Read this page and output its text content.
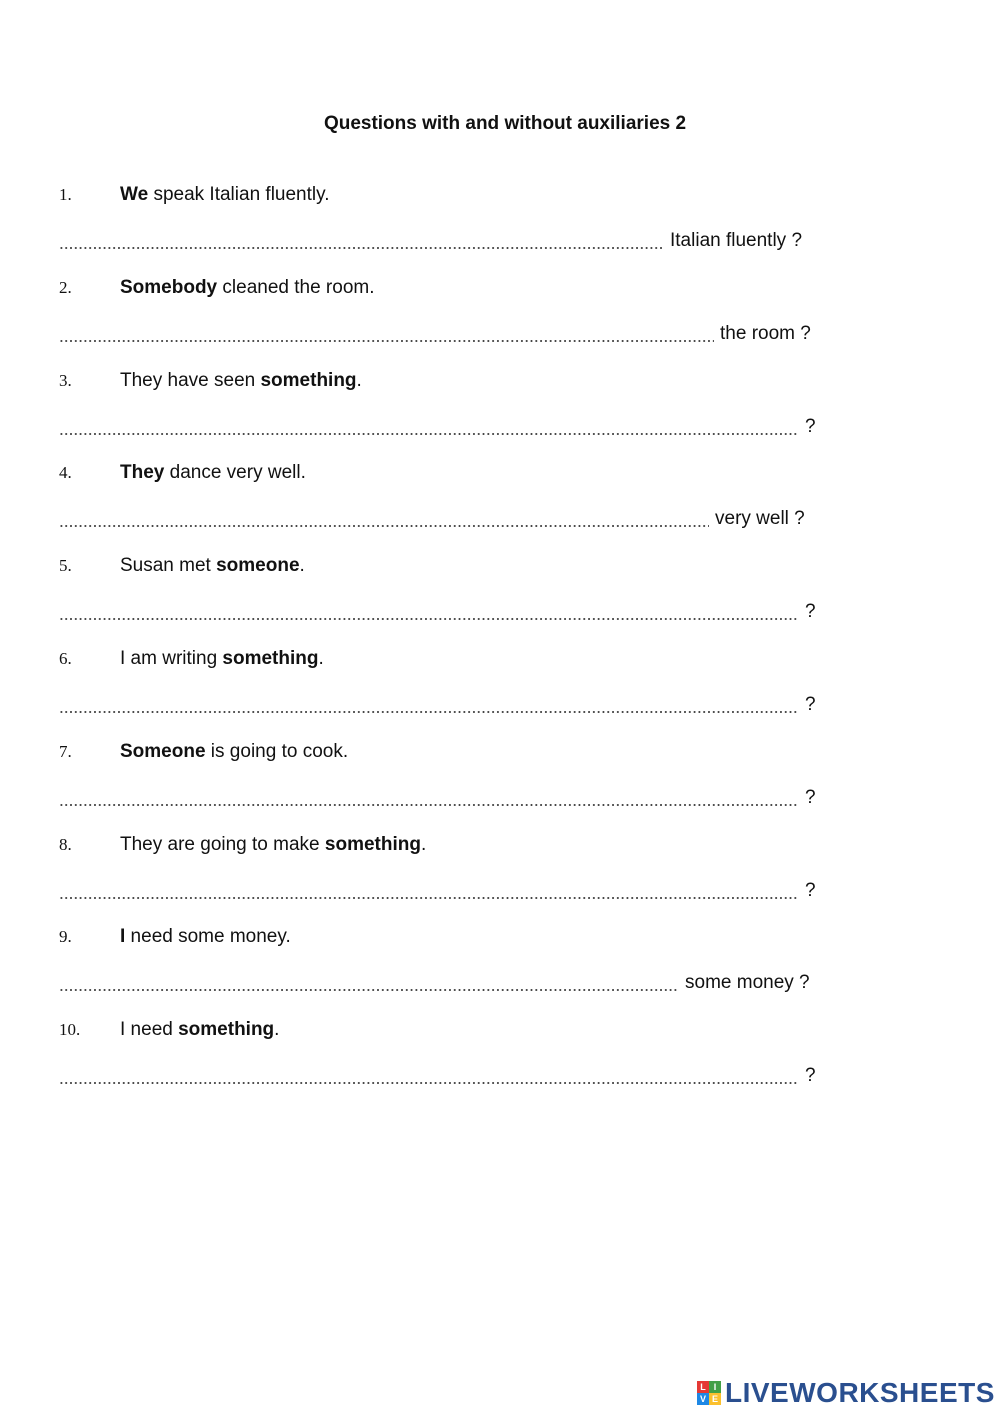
Questions with and without auxiliaries 2
1.	We speak Italian fluently.
Italian fluently ?
2.	Somebody cleaned the room.
the room ?
3.	They have seen something.
?
4.	They dance very well.
very well ?
5.	Susan met someone.
?
6.	I am writing something.
?
7.	Someone is going to cook.
?
8.	They are going to make something.
?
9.	I need some money.
some money ?
10. I need something.
?
L I
V E LIVEWORKSHEETS
